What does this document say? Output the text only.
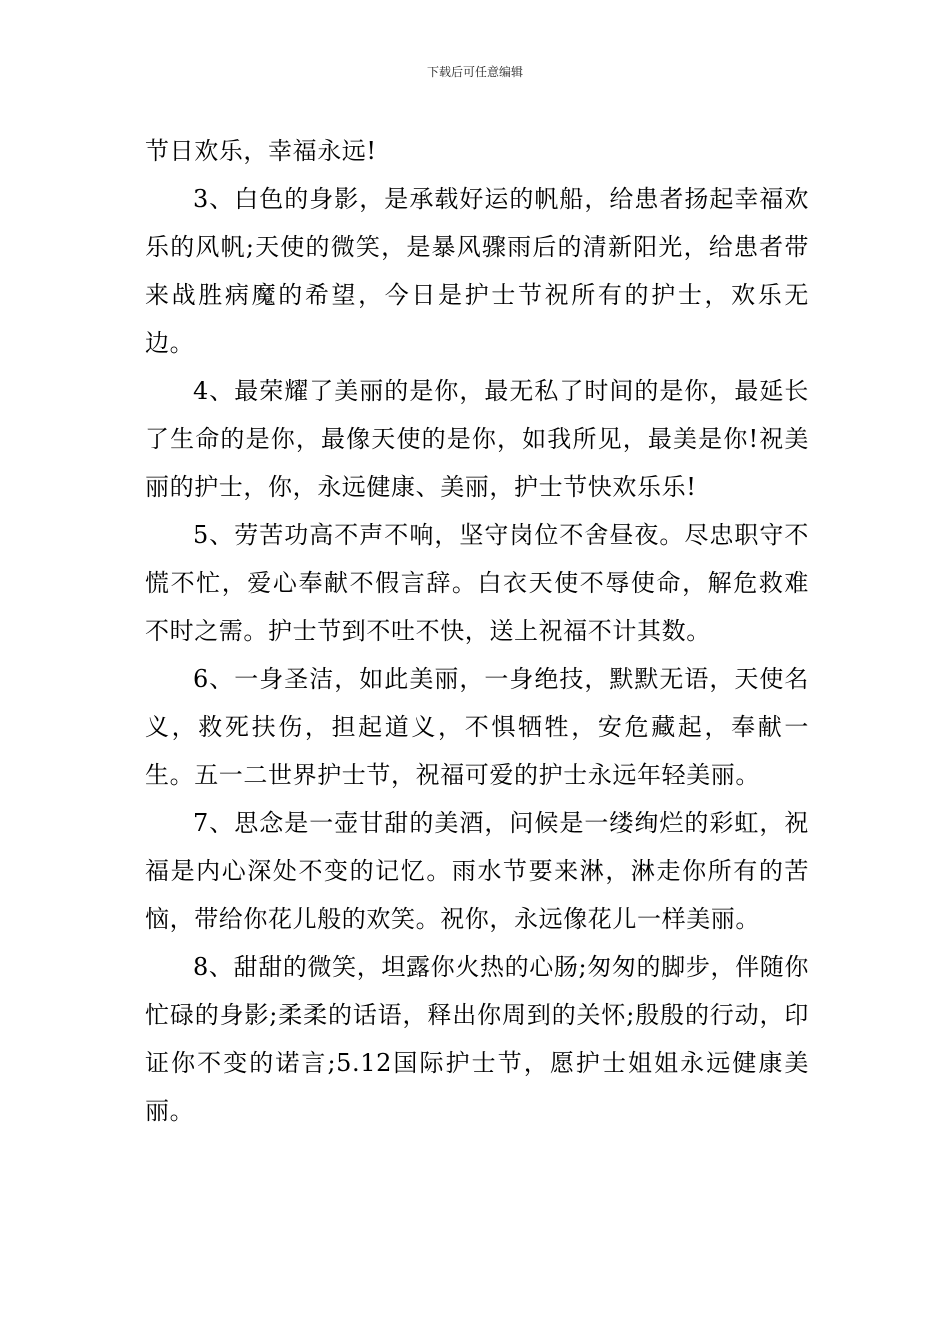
下载后可任意编辑

节日欢乐，幸福永远!

3、白色的身影，是承载好运的帆船，给患者扬起幸福欢乐的风帆;天使的微笑，是暴风骤雨后的清新阳光，给患者带来战胜病魔的希望，今日是护士节祝所有的护士，欢乐无边。

4、最荣耀了美丽的是你，最无私了时间的是你，最延长了生命的是你，最像天使的是你，如我所见，最美是你!祝美丽的护士，你，永远健康、美丽，护士节快欢乐乐!

5、劳苦功高不声不响，坚守岗位不舍昼夜。尽忠职守不慌不忙，爱心奉献不假言辞。白衣天使不辱使命，解危救难不时之需。护士节到不吐不快，送上祝福不计其数。

6、一身圣洁，如此美丽，一身绝技，默默无语，天使名义，救死扶伤，担起道义，不惧牺牲，安危藏起，奉献一生。五一二世界护士节，祝福可爱的护士永远年轻美丽。

7、思念是一壶甘甜的美酒，问候是一缕绚烂的彩虹，祝福是内心深处不变的记忆。雨水节要来淋，淋走你所有的苦恼，带给你花儿般的欢笑。祝你，永远像花儿一样美丽。

8、甜甜的微笑，坦露你火热的心肠;匆匆的脚步，伴随你忙碌的身影;柔柔的话语，释出你周到的关怀;殷殷的行动，印证你不变的诺言;5.12国际护士节，愿护士姐姐永远健康美丽。
